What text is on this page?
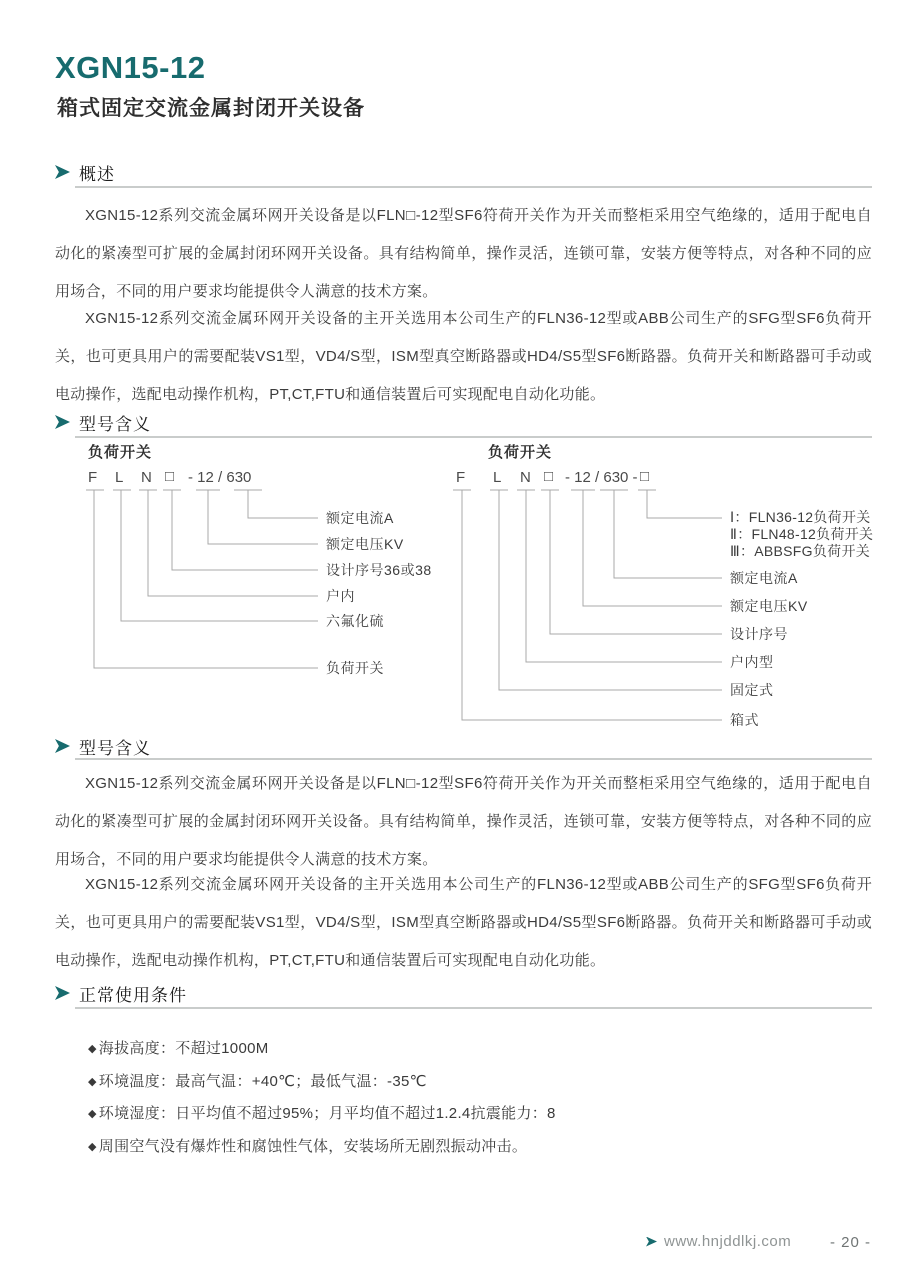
XGN15-12
箱式固定交流金属封闭开关设备
概述
XGN15-12系列交流金属环网开关设备是以FLN□-12型SF6符荷开关作为开关而整柜采用空气绝缘的，适用于配电自动化的紧凑型可扩展的金属封闭环网开关设备。具有结构简单，操作灵活，连锁可靠，安装方便等特点，对各种不同的应用场合，不同的用户要求均能提供令人满意的技术方案。
XGN15-12系列交流金属环网开关设备的主开关选用本公司生产的FLN36-12型或ABB公司生产的SFG型SF6负荷开关，也可更具用户的需要配装VS1型，VD4/S型，ISM型真空断路器或HD4/S5型SF6断路器。负荷开关和断路器可手动或电动操作，选配电动操作机构，PT,CT,FTU和通信装置后可实现配电自动化功能。
型号含义
负荷开关
F L N □ - 12 / 630
额定电流A
额定电压KV
设计序号36或38
户内
六氟化硫
负荷开关
负荷开关
F L N □ - 12 / 630 - □
Ⅰ：FLN36-12负荷开关
Ⅱ：FLN48-12负荷开关
Ⅲ：ABBSFG负荷开关
额定电流A
额定电压KV
设计序号
户内型
固定式
箱式
型号含义
XGN15-12系列交流金属环网开关设备是以FLN□-12型SF6符荷开关作为开关而整柜采用空气绝缘的，适用于配电自动化的紧凑型可扩展的金属封闭环网开关设备。具有结构简单，操作灵活，连锁可靠，安装方便等特点，对各种不同的应用场合，不同的用户要求均能提供令人满意的技术方案。
XGN15-12系列交流金属环网开关设备的主开关选用本公司生产的FLN36-12型或ABB公司生产的SFG型SF6负荷开关，也可更具用户的需要配装VS1型，VD4/S型，ISM型真空断路器或HD4/S5型SF6断路器。负荷开关和断路器可手动或电动操作，选配电动操作机构，PT,CT,FTU和通信装置后可实现配电自动化功能。
正常使用条件
◆ 海拔高度：不超过1000M
◆ 环境温度：最高气温：+40℃；最低气温：-35℃
◆ 环境湿度：日平均值不超过95%；月平均值不超过1.2.4抗震能力：8
◆ 周围空气没有爆炸性和腐蚀性气体，安装场所无剧烈振动冲击。
www.hnjddlkj.com	- 20 -
